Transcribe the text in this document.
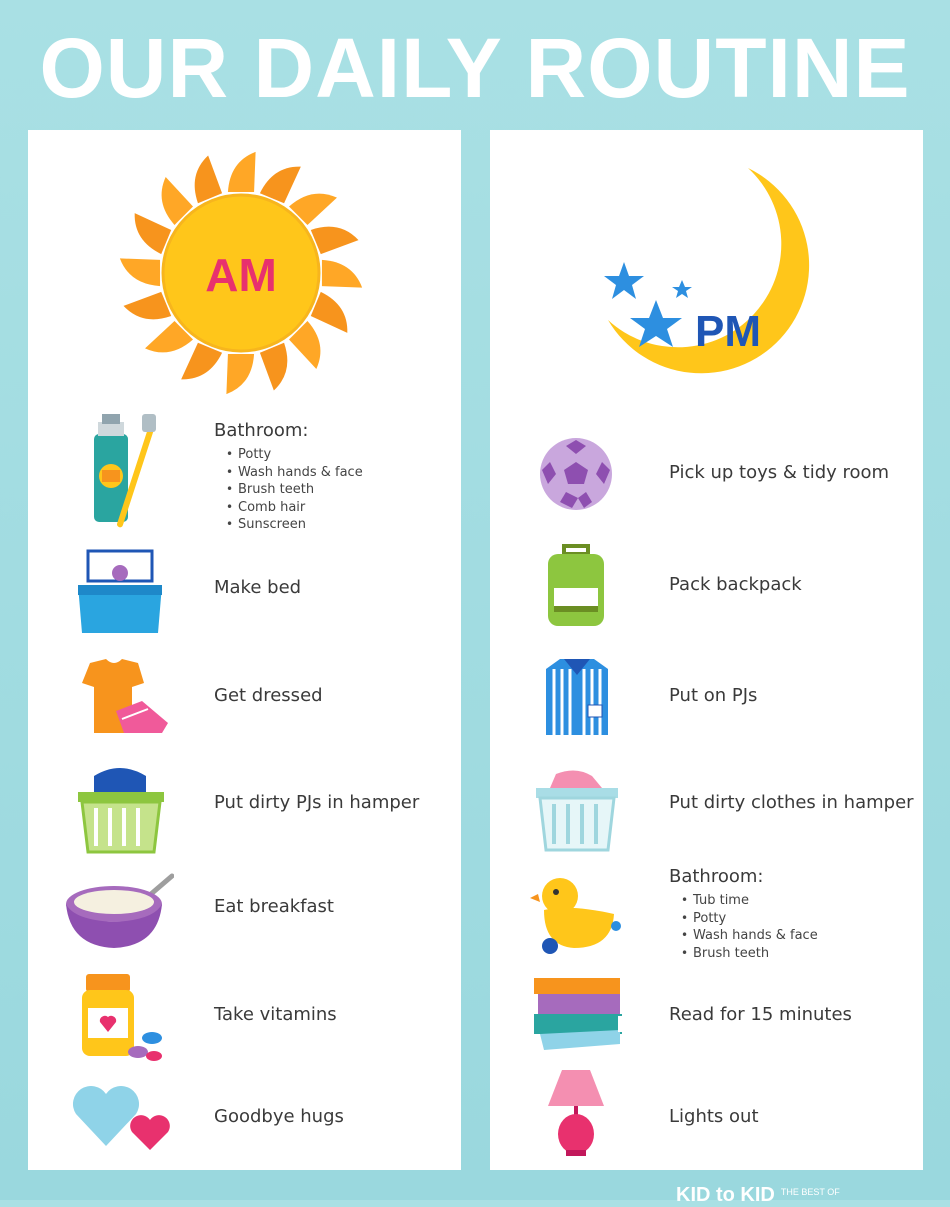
OUR DAILY ROUTINE
AM
Bathroom:
• Potty
• Wash hands & face
• Brush teeth
• Comb hair
• Sunscreen
Make bed
Get dressed
Put dirty PJs in hamper
Eat breakfast
Take vitamins
Goodbye hugs
PM
Pick up toys & tidy room
Pack backpack
Put on PJs
Put dirty clothes in hamper
Bathroom:
• Tub time
• Potty
• Wash hands & face
• Brush teeth
Read for 15 minutes
Lights out
KID to KID $^{THE BEST OF}$
